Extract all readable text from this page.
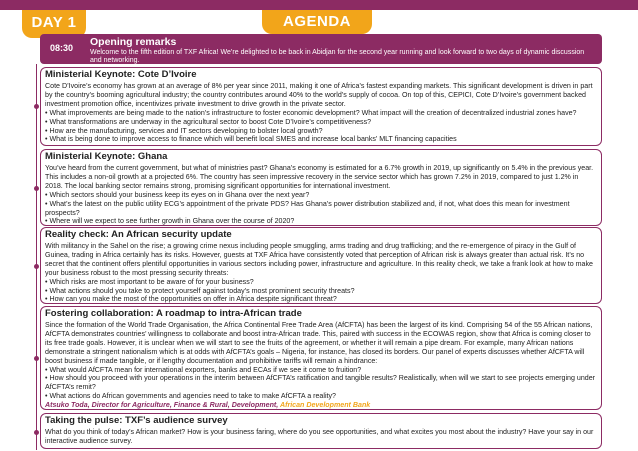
DAY 1	AGENDA
08:30 Opening remarks
Welcome to the fifth edition of TXF Africa! We’re delighted to be back in Abidjan for the second year running and look forward to two days of dynamic discussion and networking.
Ministerial Keynote: Cote D’Ivoire

Cote D’Ivoire’s economy has grown at an average of 8% per year since 2011, making it one of Africa’s fastest expanding markets. This significant development is driven in part by the country’s booming agricultural industry; the country contributes around 40% to the world’s supply of cocoa. On top of this, CEPICI, Cote D’Ivoire’s government backed investment promotion office, incentivizes private investment to drive growth in the private sector.

• What improvements are being made to the nation’s infrastructure to foster economic development? What impact will the creation of decentralized industrial zones have?

• What transformations are underway in the agricultural sector to boost Cote D’Ivoire’s competitiveness?

• How are the manufacturing, services and IT sectors developing to bolster local growth?

• What is being done to improve access to finance which will benefit local SMES and increase local banks’ MLT financing capacities

Ministerial Keynote: Ghana

You’ve heard from the current government, but what of ministries past? Ghana’s economy is estimated for a 6.7% growth in 2019, up significantly on 5.4% in the previous year. This includes a non-oil growth at a projected 6%. The country has seen impressive recovery in the service sector which has grown 7.2% in 2019, compared to just 1.2% in 2018. The local banking sector remains strong, promising significant opportunities for international investment.

• Which sectors should your business keep its eyes on in Ghana over the next year?

• What’s the latest on the public utility ECG’s appointment of the private PDS? Has Ghana’s power distribution stabilized and, if not, what does this mean for investment prospects?

• Where will we expect to see further growth in Ghana over the course of 2020?

Reality check: An African security update

With militancy in the Sahel on the rise; a growing crime nexus including people smuggling, arms trading and drug trafficking; and the re-emergence of piracy in the Gulf of Guinea, trading in Africa certainly has its risks. However, guests at TXF Africa have consistently voted that perception of African risk is always greater than actual risk. It’s no secret that the continent offers plentiful opportunities in various sectors including power, infrastructure and agriculture. In this reality check, we take a frank look at how to make your business robust to the most pressing security threats:

• Which risks are most important to be aware of for your business?

• What actions should you take to protect yourself against today’s most prominent security threats?

• How can you make the most of the opportunities on offer in Africa despite significant threat?

Fostering collaboration: A roadmap to intra-African trade

Since the formation of the World Trade Organisation, the Africa Continental Free Trade Area (AfCFTA) has been the largest of its kind. Comprising 54 of the 55 African nations, AfCFTA demonstrates countries’ willingness to collaborate and boost intra-African trade. This, paired with success in the ECOWAS region, show that Africa is coming closer to its free trade goals. However, it is unclear when we will start to see the fruits of the agreement, or whether it will remain a pipe dream. For example, many African nations demonstrate a stringent nationalism which is at odds with AfCFTA’s goals – Nigeria, for instance, has closed its borders. Our panel of experts discusses whether AfCFTA will boost business if made tangible, or if lengthy documentation and prohibitive tariffs will remain a hindrance:

• What would AfCFTA mean for international exporters, banks and ECAs if we see it come to fruition?

• How should you proceed with your operations in the interim between AfCFTA’s ratification and tangible results? Realistically, when will we start to see projects emerging under AfCFTA’s remit?

• What actions do African governments and agencies need to take to make AfCFTA a reality?

Atsuko Toda, Director for Agriculture, Finance & Rural, Development, African Development Bank
Taking the pulse: TXF’s audience survey

What do you think of today’s African market? How is your business faring, where do you see opportunities, and what excites you most about the industry? Have your say in our interactive audience survey.
